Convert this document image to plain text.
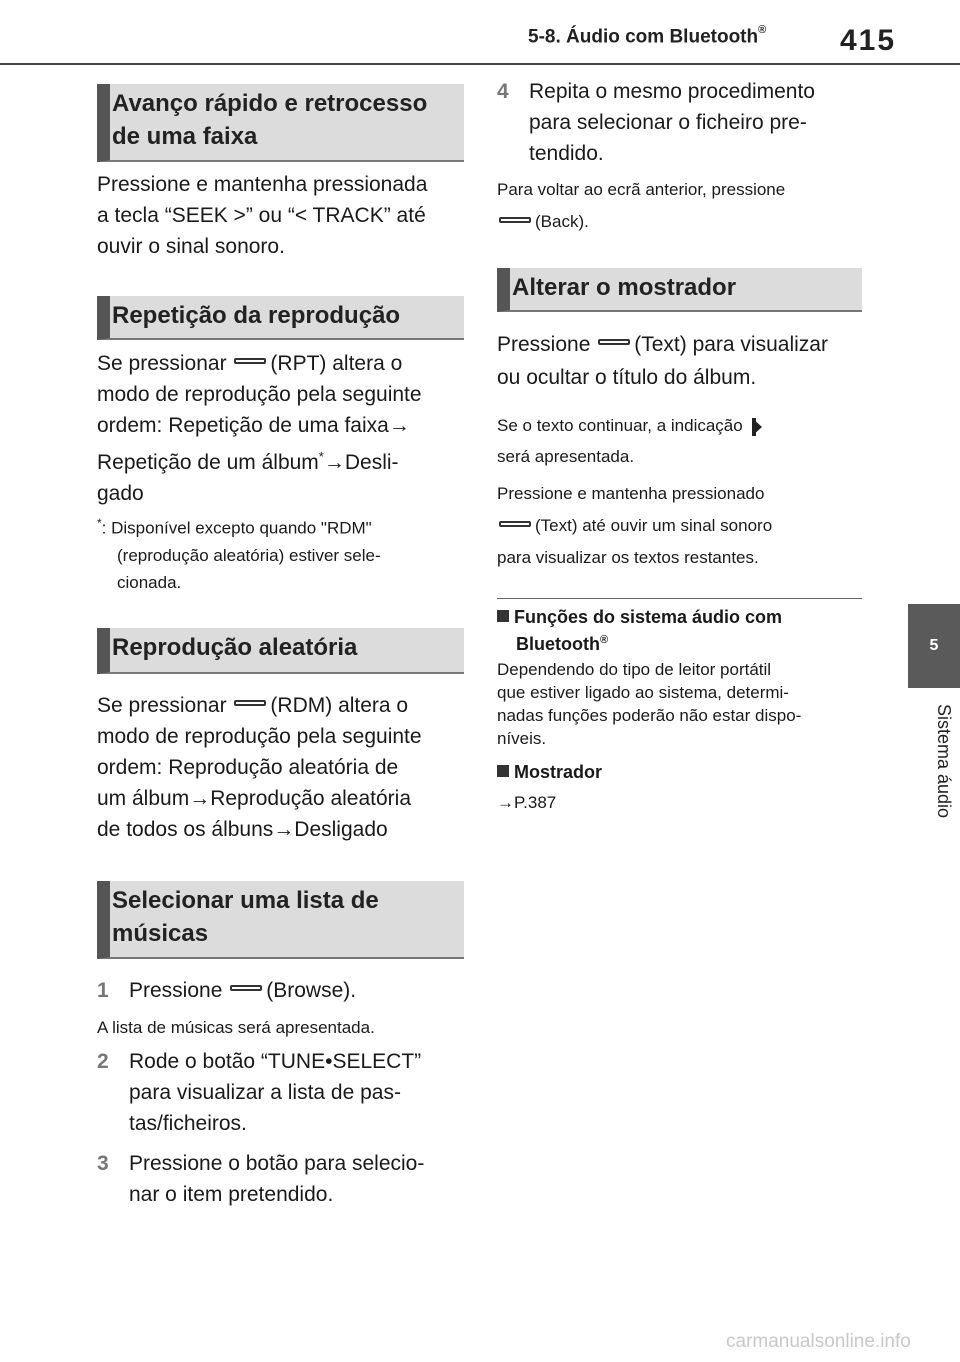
5-8. Áudio com Bluetooth® 415
5
Sistema áudio
Avanço rápido e retrocesso
de uma faixa
Pressione e mantenha pressionada
a tecla “SEEK >” ou “< TRACK” até
ouvir o sinal sonoro.
Repetição da reprodução
Se pressionar (RPT) altera o
modo de reprodução pela seguinte
ordem: Repetição de uma faixa→
Repetição de um álbum*→Desli-
gado
*: Disponível excepto quando "RDM"
(reprodução aleatória) estiver sele-
cionada.
Reprodução aleatória
Se pressionar (RDM) altera o
modo de reprodução pela seguinte
ordem: Reprodução aleatória de
um álbum→Reprodução aleatória
de todos os álbuns→Desligado
Selecionar uma lista de
músicas
1 Pressione (Browse).
A lista de músicas será apresentada.
2 Rode o botão “TUNE•SELECT”
para visualizar a lista de pas-
tas/ficheiros.
3 Pressione o botão para selecio-
nar o item pretendido.
4 Repita o mesmo procedimento
para selecionar o ficheiro pre-
tendido.
Para voltar ao ecrã anterior, pressione
(Back).
Alterar o mostrador
Pressione (Text) para visualizar
ou ocultar o título do álbum.
Se o texto continuar, a indicação
será apresentada.
Pressione e mantenha pressionado
(Text) até ouvir um sinal sonoro
para visualizar os textos restantes.
Funções do sistema áudio com
Bluetooth®
Dependendo do tipo de leitor portátil
que estiver ligado ao sistema, determi-
nadas funções poderão não estar dispo-
níveis.
Mostrador
→P.387
carmanualsonline.info
